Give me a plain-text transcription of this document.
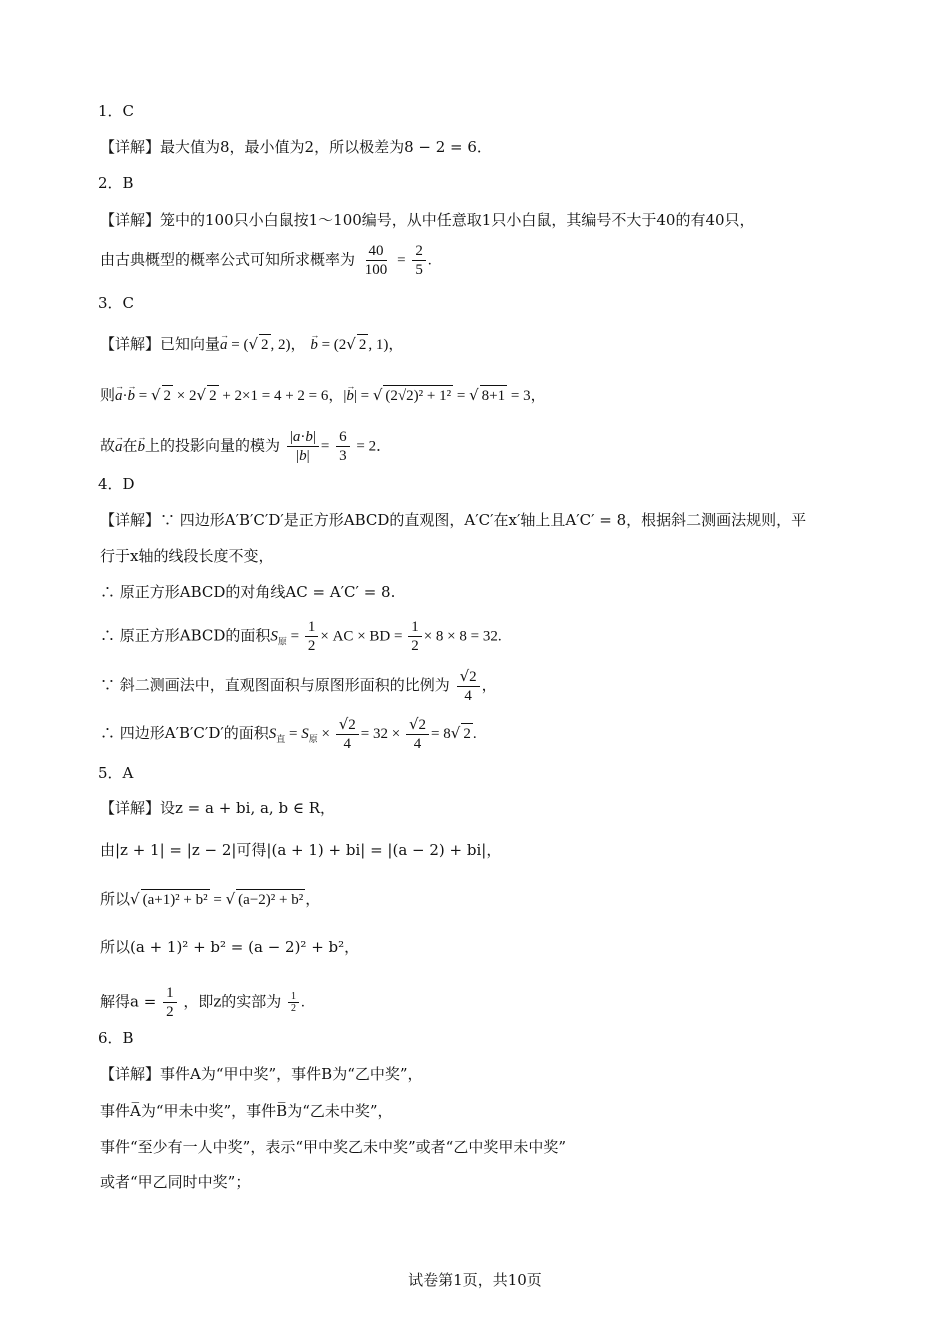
1．C
【详解】最大值为8，最小值为2，所以极差为8 − 2 = 6．
2．B
【详解】笼中的100只小白鼠按1～100编号，从中任意取1只小白鼠，其编号不大于40的有40只，
由古典概型的概率公式可知所求概率为 $\frac{40}{100} = \frac{2}{5}$ .
3．C
【详解】已知向量→ a = (√ 2 , 2)， → b = (2√ 2 , 1)，
则→ a·→ b = √ 2 × 2√ 2 + 2×1 = 4 + 2 = 6，|→ b| = √ (2√2)² + 1² = √ 8+1 = 3，
故→ a在→ b上的投影向量的模为 $\frac{|a\cdot b|}{|b|} = \frac{6}{3} = 2$．
4．D
【详解】∵ 四边形A′B′C′D′是正方形ABCD的直观图，A′C′在x′轴上且A′C′ = 8，根据斜二测画法规则，平
行于x轴的线段长度不变，
∴ 原正方形ABCD的对角线AC = A′C′ = 8.
∴ 原正方形ABCD的面积$S_原 = \frac{1}{2}$ × AC × BD = $\frac{1}{2} \times 8 \times 8 = 32$.
∵ 斜二测画法中，直观图面积与原图形面积的比例为 $\frac{√2}{4}$ ，
∴ 四边形A′B′C′D′的面积$S_直 = S_原 \times \frac{√2}{4} = 32 \times \frac{√2}{4} = 8√$ 2 .
5．A
【详解】设z = a + bi, a, b ∈ R，
由|z + 1| = |z − 2|可得|(a + 1) + bi| = |(a − 2) + bi|，
所以√ (a+1)² + b² = √ (a−2)² + b² ，
所以(a + 1)² + b² = (a − 2)² + b²，
解得$a = \frac{1}{2}$ ，即z的实部为 $\frac{1}{2}$ .
6．B
【详解】事件A为“甲中奖”，事件B为“乙中奖”，
事件A̅为“甲未中奖”，事件B̅为“乙未中奖”，
事件“至少有一人中奖”，表示“甲中奖乙未中奖”或者“乙中奖甲未中奖”
或者“甲乙同时中奖”；
试卷第1页，共10页
